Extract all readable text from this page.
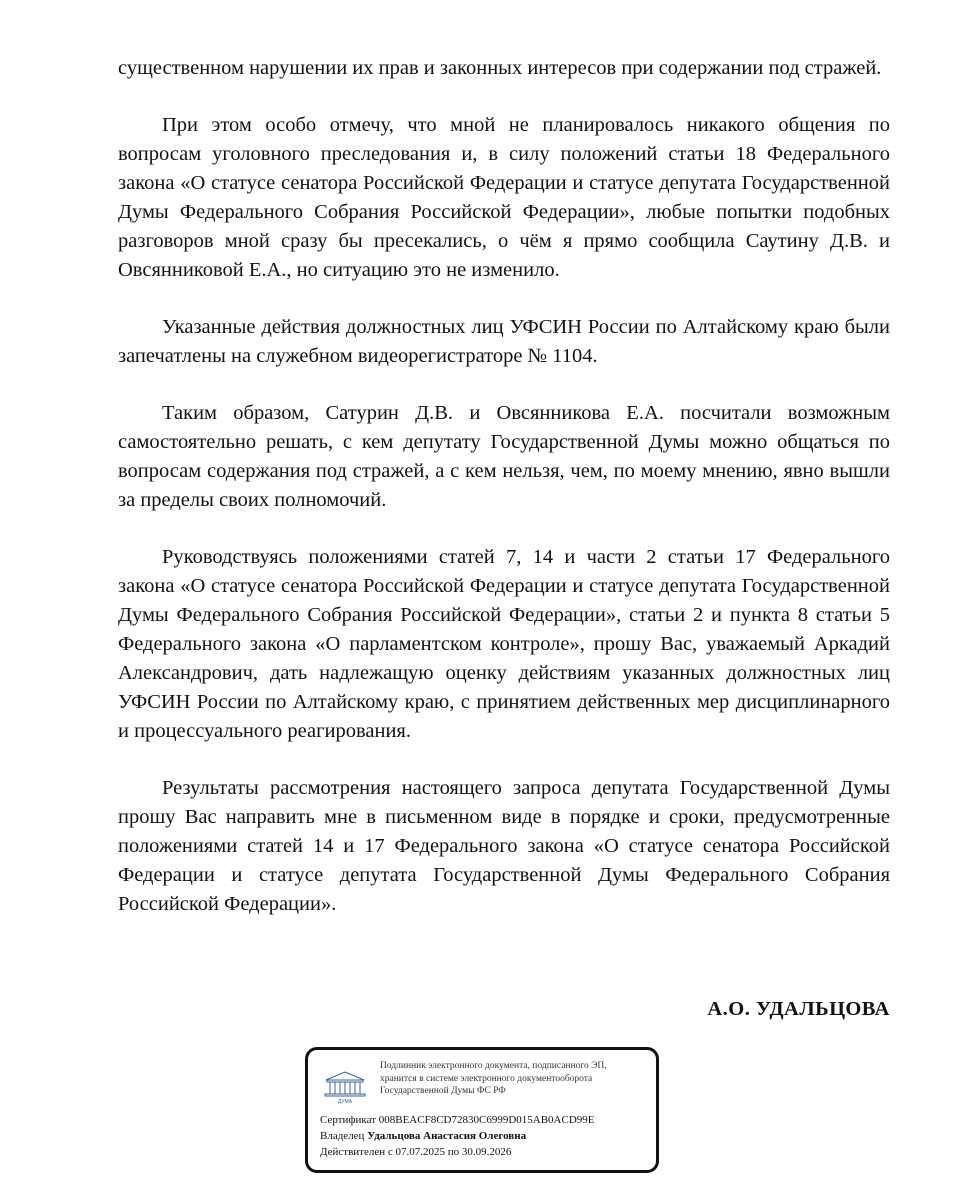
существенном нарушении их прав и законных интересов при содержании под стражей.

При этом особо отмечу, что мной не планировалось никакого общения по вопросам уголовного преследования и, в силу положений статьи 18 Федерального закона «О статусе сенатора Российской Федерации и статусе депутата Государственной Думы Федерального Собрания Российской Федерации», любые попытки подобных разговоров мной сразу бы пресекались, о чём я прямо сообщила Саутину Д.В. и Овсянниковой Е.А., но ситуацию это не изменило.

Указанные действия должностных лиц УФСИН России по Алтайскому краю были запечатлены на служебном видеорегистраторе № 1104.

Таким образом, Сатурин Д.В. и Овсянникова Е.А. посчитали возможным самостоятельно решать, с кем депутату Государственной Думы можно общаться по вопросам содержания под стражей, а с кем нельзя, чем, по моему мнению, явно вышли за пределы своих полномочий.

Руководствуясь положениями статей 7, 14 и части 2 статьи 17 Федерального закона «О статусе сенатора Российской Федерации и статусе депутата Государственной Думы Федерального Собрания Российской Федерации», статьи 2 и пункта 8 статьи 5 Федерального закона «О парламентском контроле», прошу Вас, уважаемый Аркадий Александрович, дать надлежащую оценку действиям указанных должностных лиц УФСИН России по Алтайскому краю, с принятием действенных мер дисциплинарного и процессуального реагирования.

Результаты рассмотрения настоящего запроса депутата Государственной Думы прошу Вас направить мне в письменном виде в порядке и сроки, предусмотренные положениями статей 14 и 17 Федерального закона «О статусе сенатора Российской Федерации и статусе депутата Государственной Думы Федерального Собрания Российской Федерации».

А.О. УДАЛЬЦОВА
ДУМА
Подлинник электронного документа, подписанного ЭП, хранится в системе электронного документооборота Государственной Думы ФС РФ
Сертификат 008BEACF8CD72830C6999D015AB0ACD99E
Владелец Удальцова Анастасия Олеговна
Действителен с 07.07.2025 по 30.09.2026
